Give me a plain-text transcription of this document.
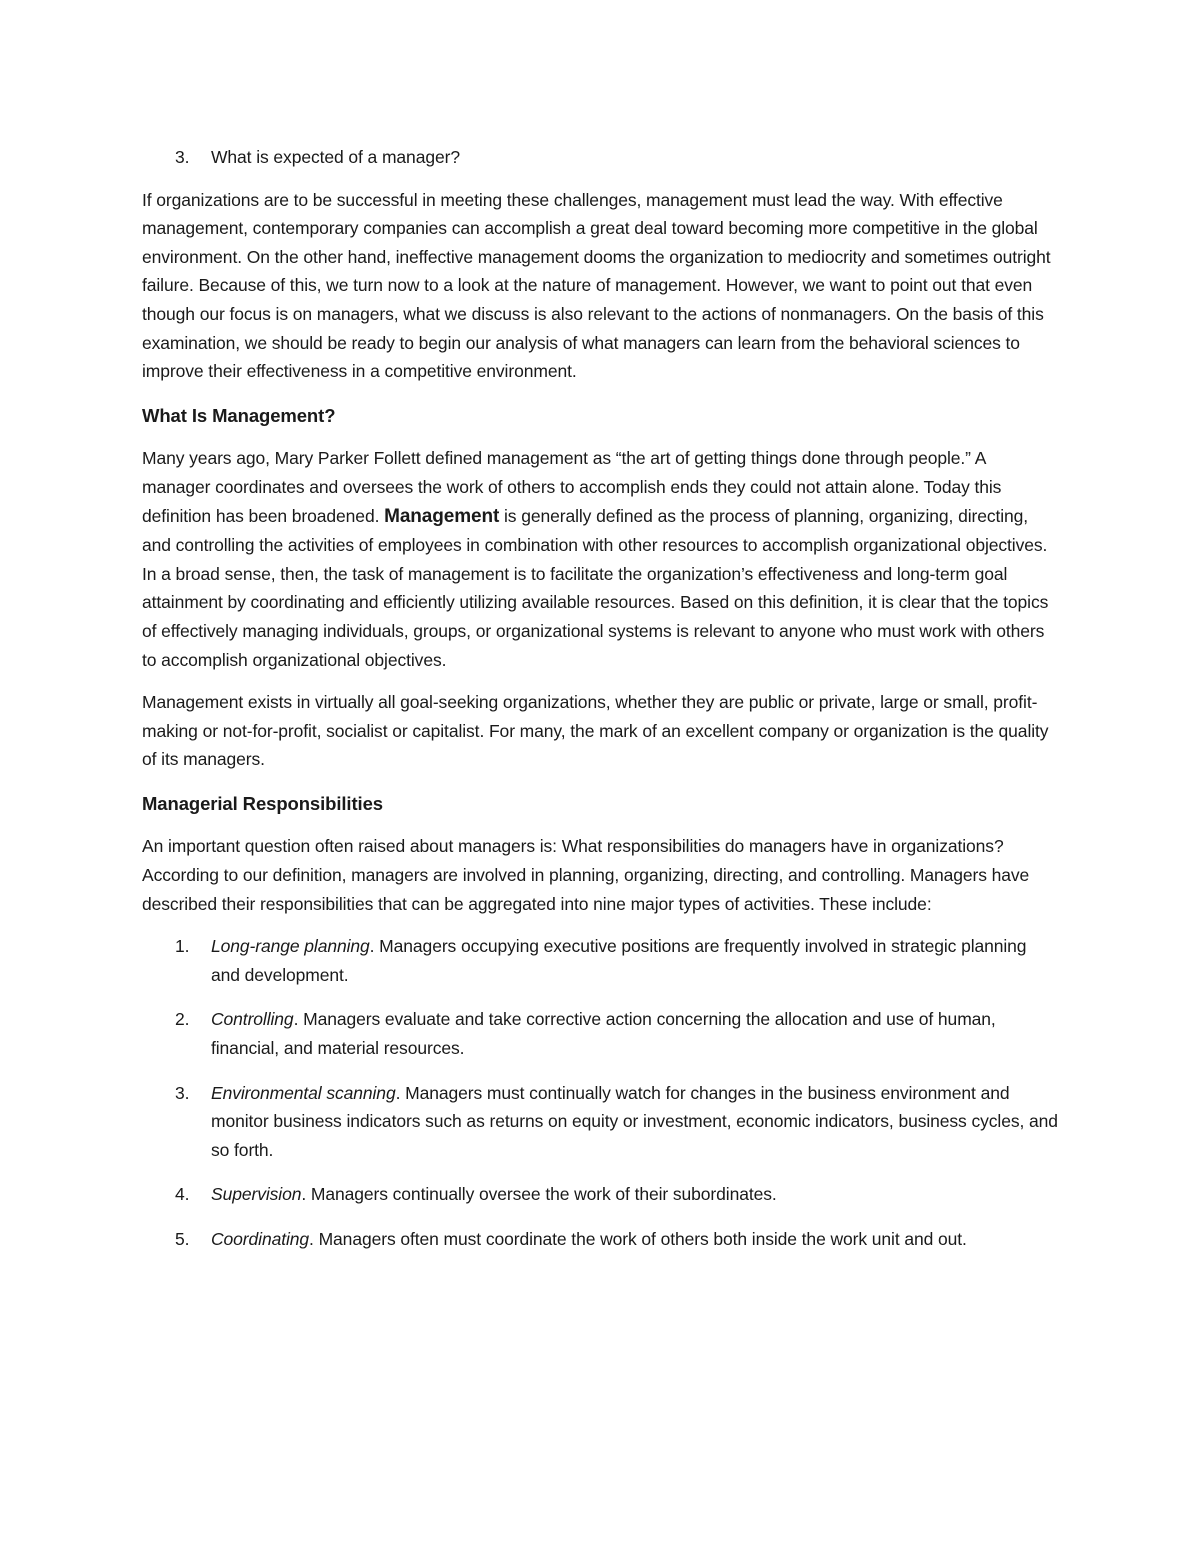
3. What is expected of a manager?

If organizations are to be successful in meeting these challenges, management must lead the way. With effective management, contemporary companies can accomplish a great deal toward becoming more competitive in the global environment. On the other hand, ineffective management dooms the organization to mediocrity and sometimes outright failure. Because of this, we turn now to a look at the nature of management. However, we want to point out that even though our focus is on managers, what we discuss is also relevant to the actions of nonmanagers. On the basis of this examination, we should be ready to begin our analysis of what managers can learn from the behavioral sciences to improve their effectiveness in a competitive environment.

What Is Management?

Many years ago, Mary Parker Follett defined management as “the art of getting things done through people.” A manager coordinates and oversees the work of others to accomplish ends they could not attain alone. Today this definition has been broadened. Management is generally defined as the process of planning, organizing, directing, and controlling the activities of employees in combination with other resources to accomplish organizational objectives. In a broad sense, then, the task of management is to facilitate the organization’s effectiveness and long-term goal attainment by coordinating and efficiently utilizing available resources. Based on this definition, it is clear that the topics of effectively managing individuals, groups, or organizational systems is relevant to anyone who must work with others to accomplish organizational objectives.

Management exists in virtually all goal-seeking organizations, whether they are public or private, large or small, profit-making or not-for-profit, socialist or capitalist. For many, the mark of an excellent company or organization is the quality of its managers.

Managerial Responsibilities

An important question often raised about managers is: What responsibilities do managers have in organizations? According to our definition, managers are involved in planning, organizing, directing, and controlling. Managers have described their responsibilities that can be aggregated into nine major types of activities. These include:

1. Long-range planning. Managers occupying executive positions are frequently involved in strategic planning and development.
2. Controlling. Managers evaluate and take corrective action concerning the allocation and use of human, financial, and material resources.
3. Environmental scanning. Managers must continually watch for changes in the business environment and monitor business indicators such as returns on equity or investment, economic indicators, business cycles, and so forth.
4. Supervision. Managers continually oversee the work of their subordinates.
5. Coordinating. Managers often must coordinate the work of others both inside the work unit and out.
